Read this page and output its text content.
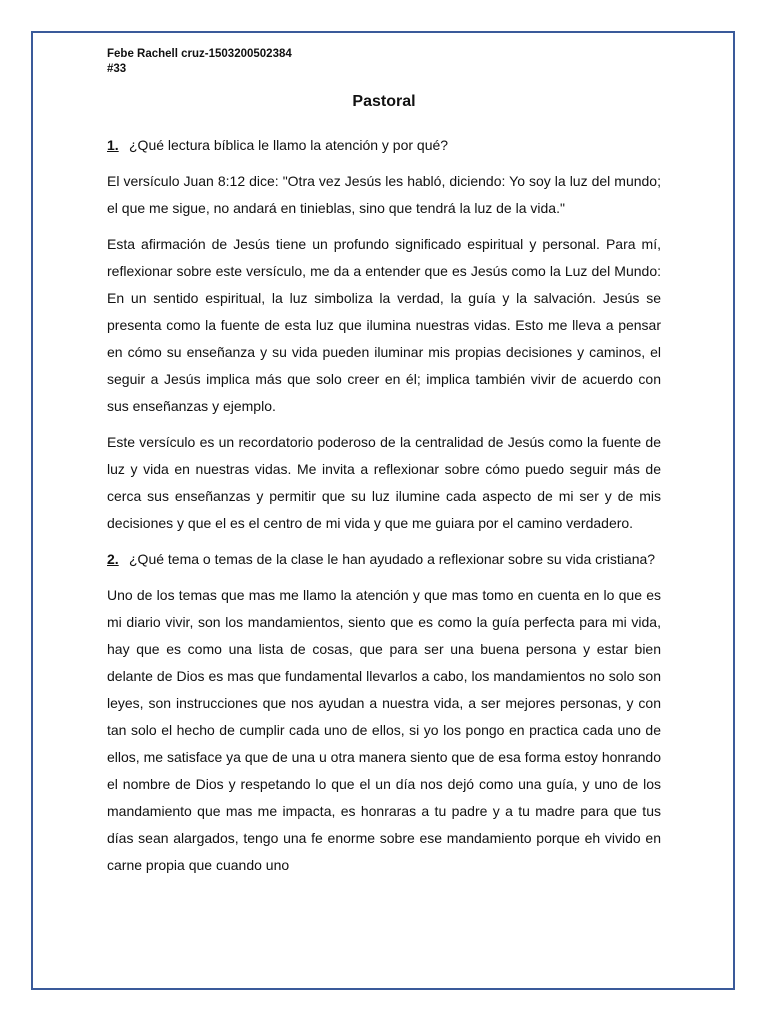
Febe Rachell cruz-1503200502384
#33
Pastoral
1. ¿Qué lectura bíblica le llamo la atención y por qué?

El versículo Juan 8:12 dice: "Otra vez Jesús les habló, diciendo: Yo soy la luz del mundo; el que me sigue, no andará en tinieblas, sino que tendrá la luz de la vida."

Esta afirmación de Jesús tiene un profundo significado espiritual y personal. Para mí, reflexionar sobre este versículo, me da a entender que es Jesús como la Luz del Mundo: En un sentido espiritual, la luz simboliza la verdad, la guía y la salvación. Jesús se presenta como la fuente de esta luz que ilumina nuestras vidas. Esto me lleva a pensar en cómo su enseñanza y su vida pueden iluminar mis propias decisiones y caminos, el seguir a Jesús implica más que solo creer en él; implica también vivir de acuerdo con sus enseñanzas y ejemplo.

Este versículo es un recordatorio poderoso de la centralidad de Jesús como la fuente de luz y vida en nuestras vidas. Me invita a reflexionar sobre cómo puedo seguir más de cerca sus enseñanzas y permitir que su luz ilumine cada aspecto de mi ser y de mis decisiones y que el es el centro de mi vida y que me guiara por el camino verdadero.

2. ¿Qué tema o temas de la clase le han ayudado a reflexionar sobre su vida cristiana?

Uno de los temas que mas me llamo la atención y que mas tomo en cuenta en lo que es mi diario vivir, son los mandamientos, siento que es como la guía perfecta para mi vida, hay que es como una lista de cosas, que para ser una buena persona y estar bien delante de Dios es mas que fundamental llevarlos a cabo, los mandamientos no solo son leyes, son instrucciones que nos ayudan a nuestra vida, a ser mejores personas, y con tan solo el hecho de cumplir cada uno de ellos, si yo los pongo en practica cada uno de ellos, me satisface ya que de una u otra manera siento que de esa forma estoy honrando el nombre de Dios y respetando lo que el un día nos dejó como una guía, y uno de los mandamiento que mas me impacta, es honraras a tu padre y a tu madre para que tus días sean alargados, tengo una fe enorme sobre ese mandamiento porque eh vivido en carne propia que cuando uno
